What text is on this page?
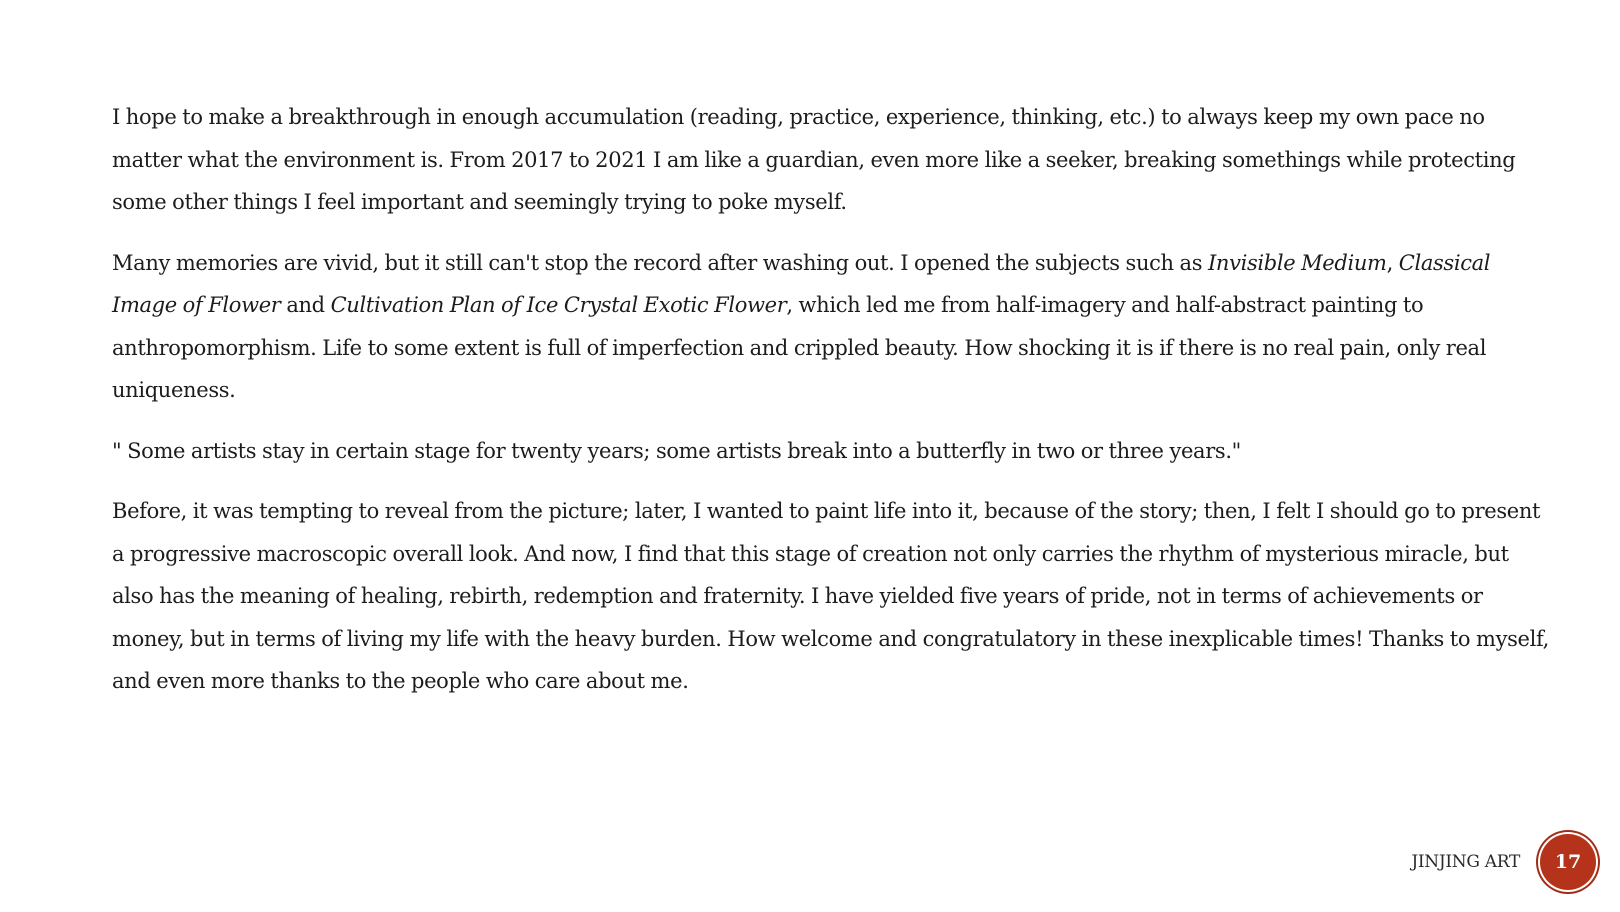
I hope to make a breakthrough in enough accumulation (reading, practice, experience, thinking, etc.) to always keep my own pace no matter what the environment is. From 2017 to 2021 I am like a guardian, even more like a seeker, breaking somethings while protecting some other things I feel important and seemingly trying to poke myself.

Many memories are vivid, but it still can't stop the record after washing out. I opened the subjects such as Invisible Medium, Classical Image of Flower and Cultivation Plan of Ice Crystal Exotic Flower, which led me from half-imagery and half-abstract painting to anthropomorphism. Life to some extent is full of imperfection and crippled beauty. How shocking it is if there is no real pain, only real uniqueness.

" Some artists stay in certain stage for twenty years; some artists break into a butterfly in two or three years."

Before, it was tempting to reveal from the picture; later, I wanted to paint life into it, because of the story; then, I felt I should go to present a progressive macroscopic overall look. And now, I find that this stage of creation not only carries the rhythm of mysterious miracle, but also has the meaning of healing, rebirth, redemption and fraternity. I have yielded five years of pride, not in terms of achievements or money, but in terms of living my life with the heavy burden. How welcome and congratulatory in these inexplicable times! Thanks to myself, and even more thanks to the people who care about me.

JINJING ART 17
